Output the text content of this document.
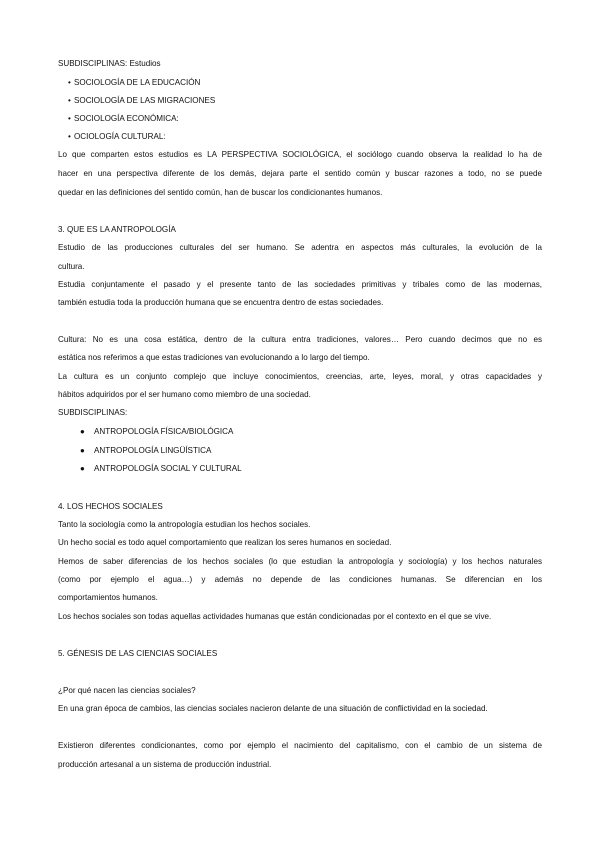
SUBDISCIPLINAS: Estudios
• SOCIOLOGÍA DE LA EDUCACIÓN
• SOCIOLOGÍA DE LAS MIGRACIONES
• SOCIOLOGÍA ECONÓMICA:
• OCIOLOGÍA CULTURAL:
Lo que comparten estos estudios es LA PERSPECTIVA SOCIOLÓGICA, el sociólogo cuando observa la realidad lo ha de
hacer en una perspectiva diferente de los demás, dejara parte el sentido común y buscar razones a todo, no se puede
quedar en las definiciones del sentido común, han de buscar los condicionantes humanos.
3. QUE ES LA ANTROPOLOGÍA
Estudio de las producciones culturales del ser humano. Se adentra en aspectos más culturales, la evolución de la
cultura.
Estudia conjuntamente el pasado y el presente tanto de las sociedades primitivas y tribales como de las modernas,
también estudia toda la producción humana que se encuentra dentro de estas sociedades.
Cultura: No es una cosa estática, dentro de la cultura entra tradiciones, valores… Pero cuando decimos que no es
estática nos referimos a que estas tradiciones van evolucionando a lo largo del tiempo.
La cultura es un conjunto complejo que incluye conocimientos, creencias, arte, leyes, moral, y otras capacidades y
hábitos adquiridos por el ser humano como miembro de una sociedad.
SUBDISCIPLINAS:
● ANTROPOLOGÍA FÍSICA/BIOLÓGICA
● ANTROPOLOGÍA LINGÜÍSTICA
● ANTROPOLOGÍA SOCIAL Y CULTURAL
4. LOS HECHOS SOCIALES
Tanto la sociología como la antropología estudian los hechos sociales.
Un hecho social es todo aquel comportamiento que realizan los seres humanos en sociedad.
Hemos de saber diferencias de los hechos sociales (lo que estudian la antropología y sociología) y los hechos naturales
(como por ejemplo el agua…) y además no depende de las condiciones humanas. Se diferencian en los
comportamientos humanos.
Los hechos sociales son todas aquellas actividades humanas que están condicionadas por el contexto en el que se vive.
5. GÉNESIS DE LAS CIENCIAS SOCIALES
¿Por qué nacen las ciencias sociales?
En una gran época de cambios, las ciencias sociales nacieron delante de una situación de conflictividad en la sociedad.
Existieron diferentes condicionantes, como por ejemplo el nacimiento del capitalismo, con el cambio de un sistema de
producción artesanal a un sistema de producción industrial.
